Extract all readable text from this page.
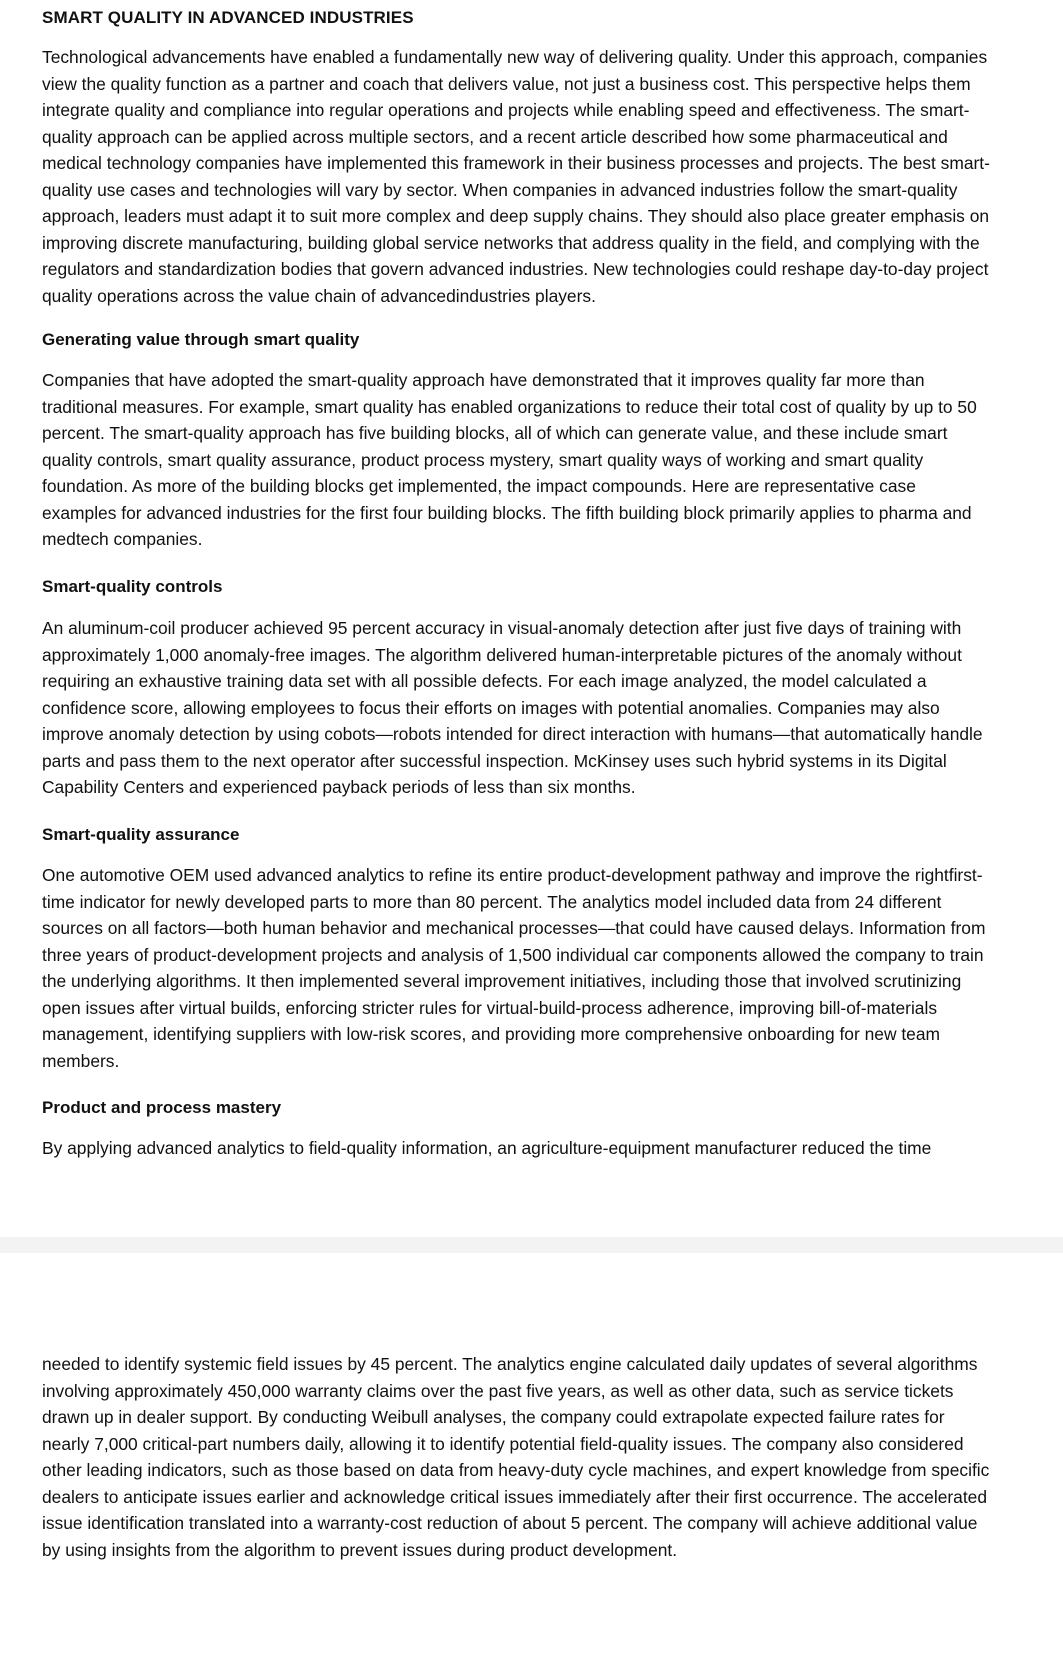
SMART QUALITY IN ADVANCED INDUSTRIES

Technological advancements have enabled a fundamentally new way of delivering quality. Under this approach, companies view the quality function as a partner and coach that delivers value, not just a business cost. This perspective helps them integrate quality and compliance into regular operations and projects while enabling speed and effectiveness. The smart-quality approach can be applied across multiple sectors, and a recent article described how some pharmaceutical and medical technology companies have implemented this framework in their business processes and projects. The best smart-quality use cases and technologies will vary by sector. When companies in advanced industries follow the smart-quality approach, leaders must adapt it to suit more complex and deep supply chains. They should also place greater emphasis on improving discrete manufacturing, building global service networks that address quality in the field, and complying with the regulators and standardization bodies that govern advanced industries. New technologies could reshape day-to-day project quality operations across the value chain of advancedindustries players.

Generating value through smart quality

Companies that have adopted the smart-quality approach have demonstrated that it improves quality far more than traditional measures. For example, smart quality has enabled organizations to reduce their total cost of quality by up to 50 percent. The smart-quality approach has five building blocks, all of which can generate value, and these include smart quality controls, smart quality assurance, product process mystery, smart quality ways of working and smart quality foundation. As more of the building blocks get implemented, the impact compounds. Here are representative case examples for advanced industries for the first four building blocks. The fifth building block primarily applies to pharma and medtech companies.

Smart-quality controls

An aluminum-coil producer achieved 95 percent accuracy in visual-anomaly detection after just five days of training with approximately 1,000 anomaly-free images. The algorithm delivered human-interpretable pictures of the anomaly without requiring an exhaustive training data set with all possible defects. For each image analyzed, the model calculated a confidence score, allowing employees to focus their efforts on images with potential anomalies. Companies may also improve anomaly detection by using cobots—robots intended for direct interaction with humans—that automatically handle parts and pass them to the next operator after successful inspection. McKinsey uses such hybrid systems in its Digital Capability Centers and experienced payback periods of less than six months.

Smart-quality assurance

One automotive OEM used advanced analytics to refine its entire product-development pathway and improve the rightfirst-time indicator for newly developed parts to more than 80 percent. The analytics model included data from 24 different sources on all factors—both human behavior and mechanical processes—that could have caused delays. Information from three years of product-development projects and analysis of 1,500 individual car components allowed the company to train the underlying algorithms. It then implemented several improvement initiatives, including those that involved scrutinizing open issues after virtual builds, enforcing stricter rules for virtual-build-process adherence, improving bill-of-materials management, identifying suppliers with low-risk scores, and providing more comprehensive onboarding for new team members.

Product and process mastery

By applying advanced analytics to field-quality information, an agriculture-equipment manufacturer reduced the time

needed to identify systemic field issues by 45 percent. The analytics engine calculated daily updates of several algorithms involving approximately 450,000 warranty claims over the past five years, as well as other data, such as service tickets drawn up in dealer support. By conducting Weibull analyses, the company could extrapolate expected failure rates for nearly 7,000 critical-part numbers daily, allowing it to identify potential field-quality issues. The company also considered other leading indicators, such as those based on data from heavy-duty cycle machines, and expert knowledge from specific dealers to anticipate issues earlier and acknowledge critical issues immediately after their first occurrence. The accelerated issue identification translated into a warranty-cost reduction of about 5 percent. The company will achieve additional value by using insights from the algorithm to prevent issues during product development.
